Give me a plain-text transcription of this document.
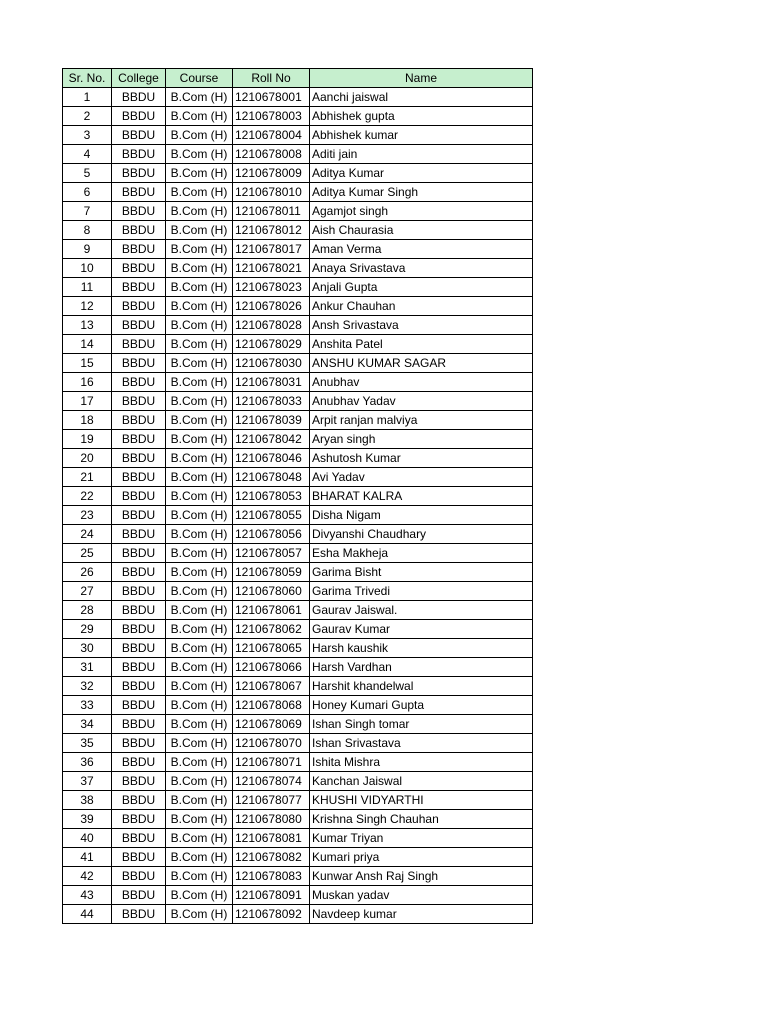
Sr. No.	College	Course	Roll No	Name
1	BBDU	B.Com (H)	1210678001	Aanchi jaiswal
2	BBDU	B.Com (H)	1210678003	Abhishek gupta
3	BBDU	B.Com (H)	1210678004	Abhishek kumar
4	BBDU	B.Com (H)	1210678008	Aditi jain
5	BBDU	B.Com (H)	1210678009	Aditya Kumar
6	BBDU	B.Com (H)	1210678010	Aditya Kumar Singh
7	BBDU	B.Com (H)	1210678011	Agamjot singh
8	BBDU	B.Com (H)	1210678012	Aish Chaurasia
9	BBDU	B.Com (H)	1210678017	Aman Verma
10	BBDU	B.Com (H)	1210678021	Anaya Srivastava
11	BBDU	B.Com (H)	1210678023	Anjali Gupta
12	BBDU	B.Com (H)	1210678026	Ankur Chauhan
13	BBDU	B.Com (H)	1210678028	Ansh Srivastava
14	BBDU	B.Com (H)	1210678029	Anshita Patel
15	BBDU	B.Com (H)	1210678030	ANSHU KUMAR SAGAR
16	BBDU	B.Com (H)	1210678031	Anubhav
17	BBDU	B.Com (H)	1210678033	Anubhav Yadav
18	BBDU	B.Com (H)	1210678039	Arpit ranjan malviya
19	BBDU	B.Com (H)	1210678042	Aryan singh
20	BBDU	B.Com (H)	1210678046	Ashutosh Kumar
21	BBDU	B.Com (H)	1210678048	Avi Yadav
22	BBDU	B.Com (H)	1210678053	BHARAT KALRA
23	BBDU	B.Com (H)	1210678055	Disha Nigam
24	BBDU	B.Com (H)	1210678056	Divyanshi Chaudhary
25	BBDU	B.Com (H)	1210678057	Esha Makheja
26	BBDU	B.Com (H)	1210678059	Garima Bisht
27	BBDU	B.Com (H)	1210678060	Garima Trivedi
28	BBDU	B.Com (H)	1210678061	Gaurav Jaiswal.
29	BBDU	B.Com (H)	1210678062	Gaurav Kumar
30	BBDU	B.Com (H)	1210678065	Harsh kaushik
31	BBDU	B.Com (H)	1210678066	Harsh Vardhan
32	BBDU	B.Com (H)	1210678067	Harshit khandelwal
33	BBDU	B.Com (H)	1210678068	Honey Kumari Gupta
34	BBDU	B.Com (H)	1210678069	Ishan Singh tomar
35	BBDU	B.Com (H)	1210678070	Ishan Srivastava
36	BBDU	B.Com (H)	1210678071	Ishita Mishra
37	BBDU	B.Com (H)	1210678074	Kanchan Jaiswal
38	BBDU	B.Com (H)	1210678077	KHUSHI VIDYARTHI
39	BBDU	B.Com (H)	1210678080	Krishna Singh Chauhan
40	BBDU	B.Com (H)	1210678081	Kumar Triyan
41	BBDU	B.Com (H)	1210678082	Kumari priya
42	BBDU	B.Com (H)	1210678083	Kunwar Ansh Raj Singh
43	BBDU	B.Com (H)	1210678091	Muskan yadav
44	BBDU	B.Com (H)	1210678092	Navdeep kumar
